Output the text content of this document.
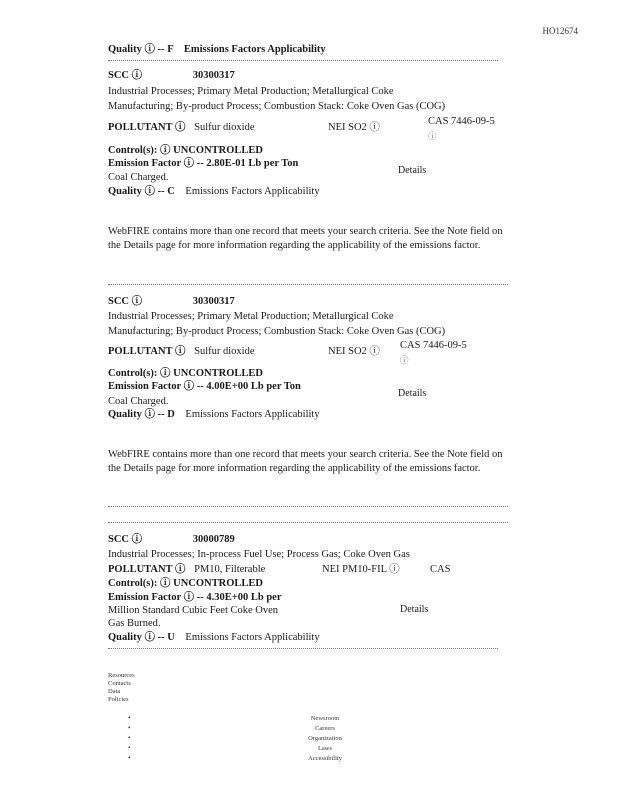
HO12674
Quality ⓘ -- F Emissions Factors Applicability
SCC ⓘ	30300317
Industrial Processes; Primary Metal Production; Metallurgical Coke
Manufacturing; By-product Process; Combustion Stack: Coke Oven Gas (COG)
POLLUTANT ⓘ Sulfur dioxide	NEI SO2 ⓘ
CAS 7446-09-5
ⓘ
Control(s): ⓘ UNCONTROLLED
Emission Factor ⓘ -- 2.80E-01 Lb per Ton
Coal Charged.
Details
Quality ⓘ -- C Emissions Factors Applicability
WebFIRE contains more than one record that meets your search criteria. See the Note field on the Details page for more information regarding the applicability of the emissions factor.
SCC ⓘ	30300317
Industrial Processes; Primary Metal Production; Metallurgical Coke
Manufacturing; By-product Process; Combustion Stack: Coke Oven Gas (COG)
POLLUTANT ⓘ Sulfur dioxide	NEI SO2 ⓘ
CAS 7446-09-5
ⓘ
Control(s): ⓘ UNCONTROLLED
Emission Factor ⓘ -- 4.00E+00 Lb per Ton
Coal Charged.
Details
Quality ⓘ -- D Emissions Factors Applicability
WebFIRE contains more than one record that meets your search criteria. See the Note field on the Details page for more information regarding the applicability of the emissions factor.
SCC ⓘ	30000789
Industrial Processes; In-process Fuel Use; Process Gas; Coke Oven Gas
POLLUTANT ⓘ PM10, Filterable	NEI PM10-FIL ⓘ	CAS
Control(s): ⓘ UNCONTROLLED
Emission Factor ⓘ -- 4.30E+00 Lb per
Million Standard Cubic Feet Coke Oven
Gas Burned.
Details
Quality ⓘ -- U Emissions Factors Applicability
Resources
Contacts
Data
Policies
•
•
•
•
•
Newsroom
Careers
Organization
Laws
Accessibility
